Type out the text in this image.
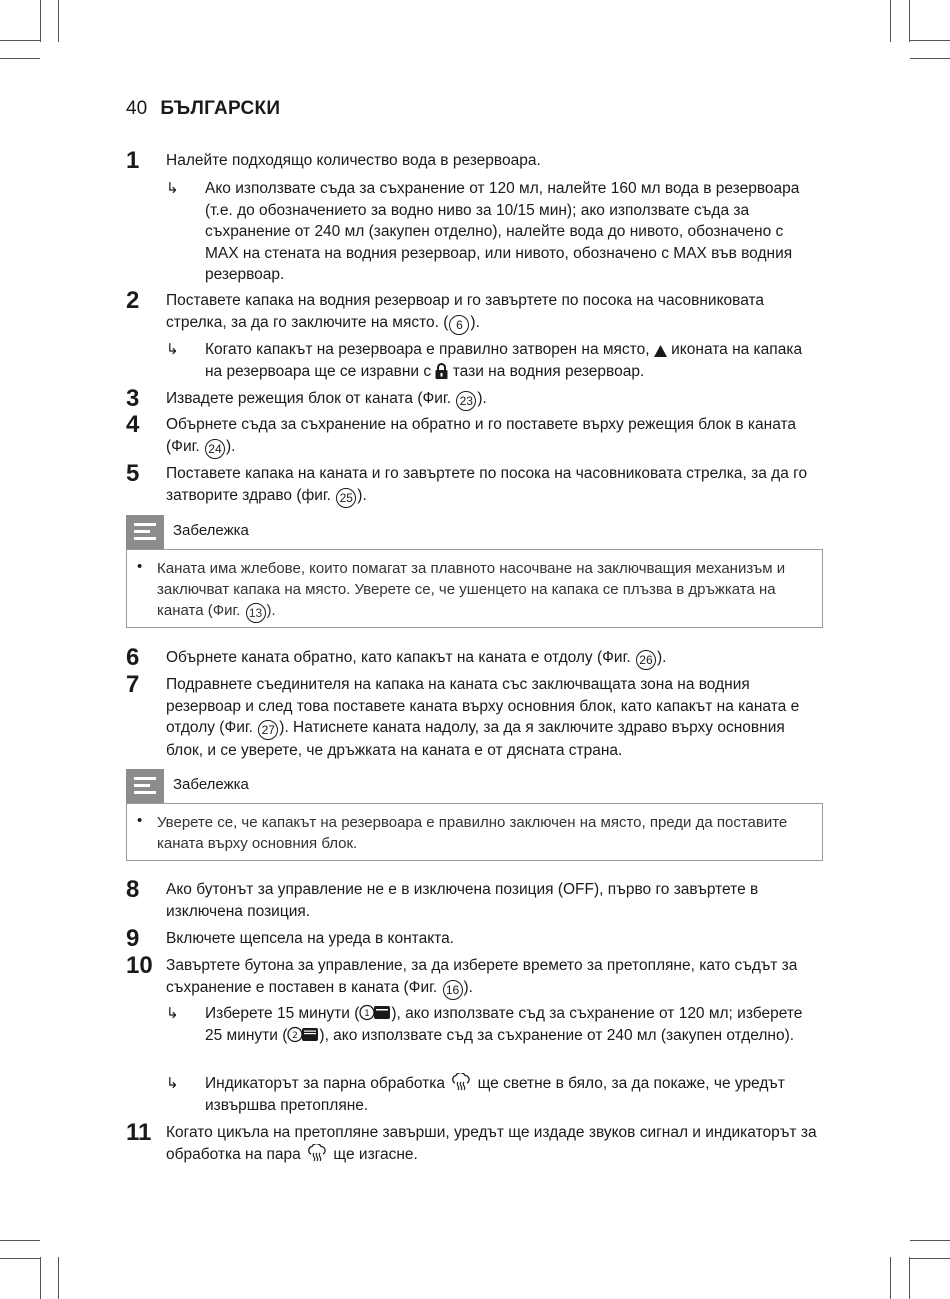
40 БЪЛГАРСКИ
1 Налейте подходящо количество вода в резервоара.
↳ Ако използвате съда за съхранение от 120 мл, налейте 160 мл вода в резервоара (т.е. до обозначението за водно ниво за 10/15 мин); ако използвате съда за съхранение от 240 мл (закупен отделно), налейте вода до нивото, обозначено с MAX на стената на водния резервоар, или нивото, обозначено с MAX във водния резервоар.
2 Поставете капака на водния резервоар и го завъртете по посока на часовниковата стрелка, за да го заключите на място. ( 6 ).
↳ Когато капакът на резервоара е правилно затворен на място,  иконата на капака на резервоара ще се изравни с  тази на водния резервоар.
3 Извадете режещия блок от каната (Фиг. 23 ).
4 Обърнете съда за съхранение на обратно и го поставете върху режещия блок в каната (Фиг. 24 ).
5 Поставете капака на каната и го завъртете по посока на часовниковата стрелка, за да го затворите здраво (фиг. 25 ).
Забележка
• Каната има жлебове, които помагат за плавното насочване на заключващия механизъм и заключват капака на място. Уверете се, че ушенцето на капака се плъзва в дръжката на каната (Фиг. 13 ).
6 Обърнете каната обратно, като капакът на каната е отдолу (Фиг. 26 ).
7 Подравнете съединителя на капака на каната със заключващата зона на водния резервоар и след това поставете каната върху основния блок, като капакът на каната е отдолу (Фиг. 27 ). Натиснете каната надолу, за да я заключите здраво върху основния блок, и се уверете, че дръжката на каната е от дясната страна.
Забележка
• Уверете се, че капакът на резервоара е правилно заключен на място, преди да поставите каната върху основния блок.
8 Ако бутонът за управление не е в изключена позиция (OFF), първо го завъртете в изключена позиция.
9 Включете щепсела на уреда в контакта.
10 Завъртете бутона за управление, за да изберете времето за претопляне, като съдът за съхранение е поставен в каната (Фиг. 16 ).
↳ Изберете 15 минути ( 1 ), ако използвате съд за съхранение от 120 мл; изберете 25 минути ( 2 ), ако използвате съд за съхранение от 240 мл (закупен отделно).
↳ Индикаторът за парна обработка  ще светне в бяло, за да покаже, че уредът извършва претопляне.
11 Когато цикъла на претопляне завърши, уредът ще издаде звуков сигнал и индикаторът за обработка на пара  ще изгасне.
